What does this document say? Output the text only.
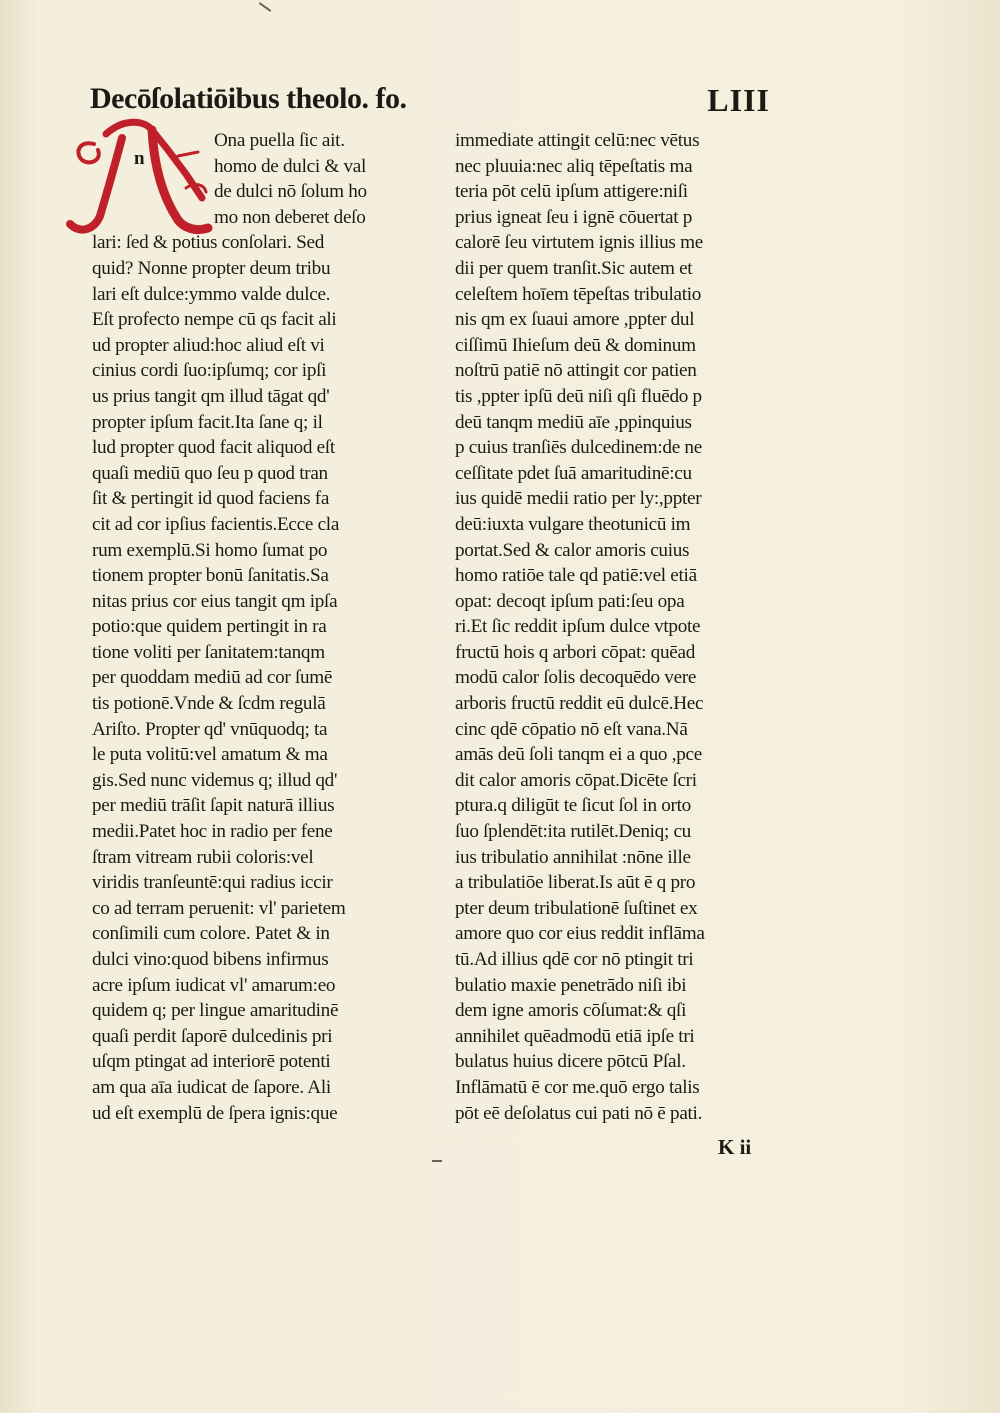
Decōſolatiōibus theolo. fo.	LIII
n
Ona puella ſic ait.
homo de dulci & val
de dulci nō ſolum ho
mo non deberet deſo
lari: ſed & potius conſolari. Sed
quid? Nonne propter deum tribu
lari eſt dulce:ymmo valde dulce.
Eſt profecto nempe cū qs facit ali
ud propter aliud:hoc aliud eſt vi
cinius cordi ſuo:ipſumq; cor ipſi
us prius tangit qm illud tāgat qd'
propter ipſum facit.Ita ſane q; il
lud propter quod facit aliquod eſt
quaſi mediū quo ſeu p quod tran
ſit & pertingit id quod faciens fa
cit ad cor ipſius facientis.Ecce cla
rum exemplū.Si homo ſumat po
tionem propter bonū ſanitatis.Sa
nitas prius cor eius tangit qm ipſa
potio:que quidem pertingit in ra
tione voliti per ſanitatem:tanqm
per quoddam mediū ad cor ſumē
tis potionē.Vnde & ſcdm regulā
Ariſto. Propter qd' vnūquodq; ta
le puta volitū:vel amatum & ma
gis.Sed nunc videmus q; illud qd'
per mediū trāſit ſapit naturā illius
medii.Patet hoc in radio per fene
ſtram vitream rubii coloris:vel
viridis tranſeuntē:qui radius iccir
co ad terram peruenit: vl' parietem
conſimili cum colore. Patet & in
dulci vino:quod bibens infirmus
acre ipſum iudicat vl' amarum:eo
quidem q; per lingue amaritudinē
quaſi perdit ſaporē dulcedinis pri
uſqm ptingat ad interiorē potenti
am qua aīa iudicat de ſapore. Ali
ud eſt exemplū de ſpera ignis:que
immediate attingit celū:nec vētus
nec pluuia:nec aliq tēpeſtatis ma
teria pōt celū ipſum attigere:niſi
prius igneat ſeu i ignē cōuertat p
calorē ſeu virtutem ignis illius me
dii per quem tranſit.Sic autem et
celeſtem hoīem tēpeſtas tribulatio
nis qm ex ſuaui amore ,ppter dul
ciſſimū Ihieſum deū & dominum
noſtrū patiē nō attingit cor patien
tis ,ppter ipſū deū niſi qſi fluēdo p
deū tanqm mediū aīe ,ppinquius
p cuius tranſiēs dulcedinem:de ne
ceſſitate pdet ſuā amaritudinē:cu
ius quidē medii ratio per ly:,ppter
deū:iuxta vulgare theotunicū im
portat.Sed & calor amoris cuius
homo ratiōe tale qd patiē:vel etiā
opat: decoqt ipſum pati:ſeu opa
ri.Et ſic reddit ipſum dulce vtpote
fructū hois q arbori cōpat: quēad
modū calor ſolis decoquēdo vere
arboris fructū reddit eū dulcē.Hec
cinc qdē cōpatio nō eſt vana.Nā
amās deū ſoli tanqm ei a quo ,pce
dit calor amoris cōpat.Dicēte ſcri
ptura.q diligūt te ſicut ſol in orto
ſuo ſplendēt:ita rutilēt.Deniq; cu
ius tribulatio annihilat :nōne ille
a tribulatiōe liberat.Is aūt ē q pro
pter deum tribulationē ſuſtinet ex
amore quo cor eius reddit inflāma
tū.Ad illius qdē cor nō ptingit tri
bulatio maxie penetrādo niſi ibi
dem igne amoris cōſumat:& qſi
annihilet quēadmodū etiā ipſe tri
bulatus huius dicere pōtcū Pſal.
Inflāmatū ē cor me.quō ergo talis
pōt eē deſolatus cui pati nō ē pati.
K ii
